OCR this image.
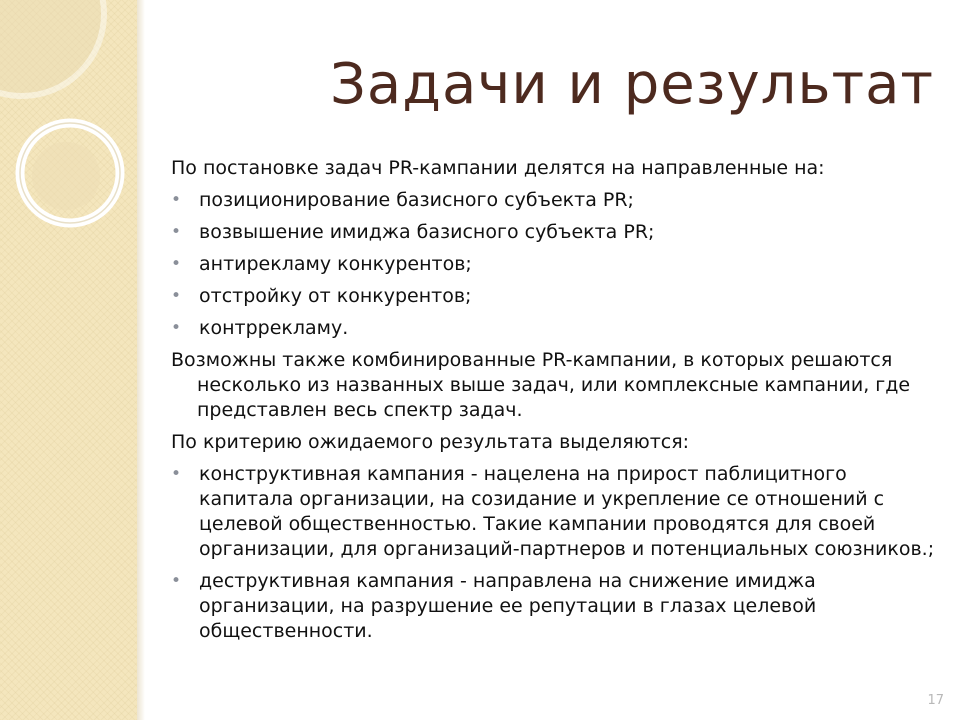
Задачи и результат
По постановке задач PR-кампании делятся на направленные на:
• позиционирование базисного субъекта PR;
• возвышение имиджа базисного субъекта PR;
• антирекламу конкурентов;
• отстройку от конкурентов;
• контррекламу.
Возможны также комбинированные PR-кампании, в которых решаются несколько из названных выше задач, или комплексные кампании, где представлен весь спектр задач.
По критерию ожидаемого результата выделяются:
• конструктивная кампания - нацелена на прирост паблицитного капитала организации, на созидание и укрепление се отношений с целевой общественностью. Такие кампании проводятся для своей организации, для организаций-партнеров и потенциальных союзников.;
• деструктивная кампания - направлена на снижение имиджа организации, на разрушение ее репутации в глазах целевой общественности.
17
